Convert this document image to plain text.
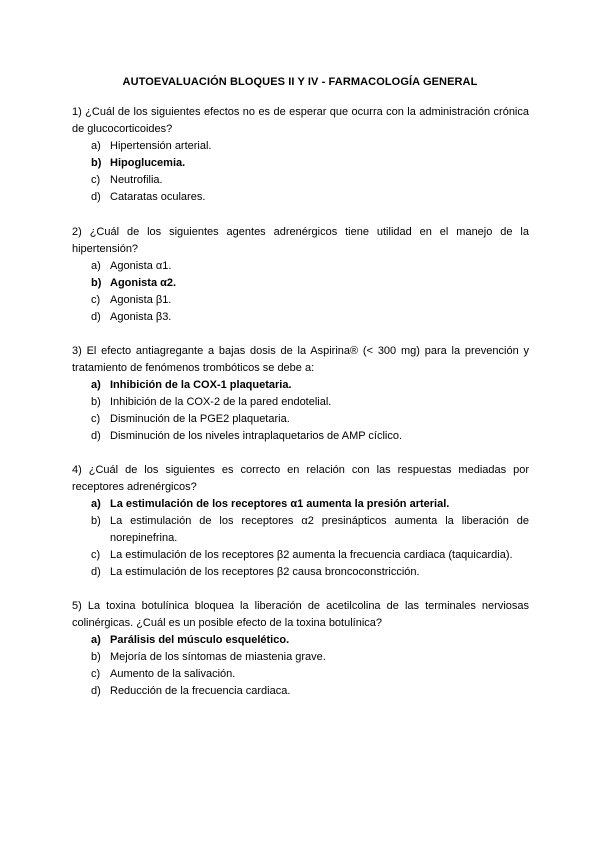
AUTOEVALUACIÓN BLOQUES II Y IV - FARMACOLOGÍA GENERAL

1) ¿Cuál de los siguientes efectos no es de esperar que ocurra con la administración crónica de glucocorticoides?

a) Hipertensión arterial.
b) Hipoglucemia.
c) Neutrofilia.
d) Cataratas oculares.

2) ¿Cuál de los siguientes agentes adrenérgicos tiene utilidad en el manejo de la hipertensión?

a) Agonista α1.
b) Agonista α2.
c) Agonista β1.
d) Agonista β3.

3) El efecto antiagregante a bajas dosis de la Aspirina® (< 300 mg) para la prevención y tratamiento de fenómenos trombóticos se debe a:

a) Inhibición de la COX-1 plaquetaria.
b) Inhibición de la COX-2 de la pared endotelial.
c) Disminución de la PGE2 plaquetaria.
d) Disminución de los niveles intraplaquetarios de AMP cíclico.

4) ¿Cuál de los siguientes es correcto en relación con las respuestas mediadas por receptores adrenérgicos?

a) La estimulación de los receptores α1 aumenta la presión arterial.
b) La estimulación de los receptores α2 presinápticos aumenta la liberación de norepinefrina.
c) La estimulación de los receptores β2 aumenta la frecuencia cardiaca (taquicardia).
d) La estimulación de los receptores β2 causa broncoconstricción.

5) La toxina botulínica bloquea la liberación de acetilcolina de las terminales nerviosas colinérgicas. ¿Cuál es un posible efecto de la toxina botulínica?

a) Parálisis del músculo esquelético.
b) Mejoría de los síntomas de miastenia grave.
c) Aumento de la salivación.
d) Reducción de la frecuencia cardiaca.
